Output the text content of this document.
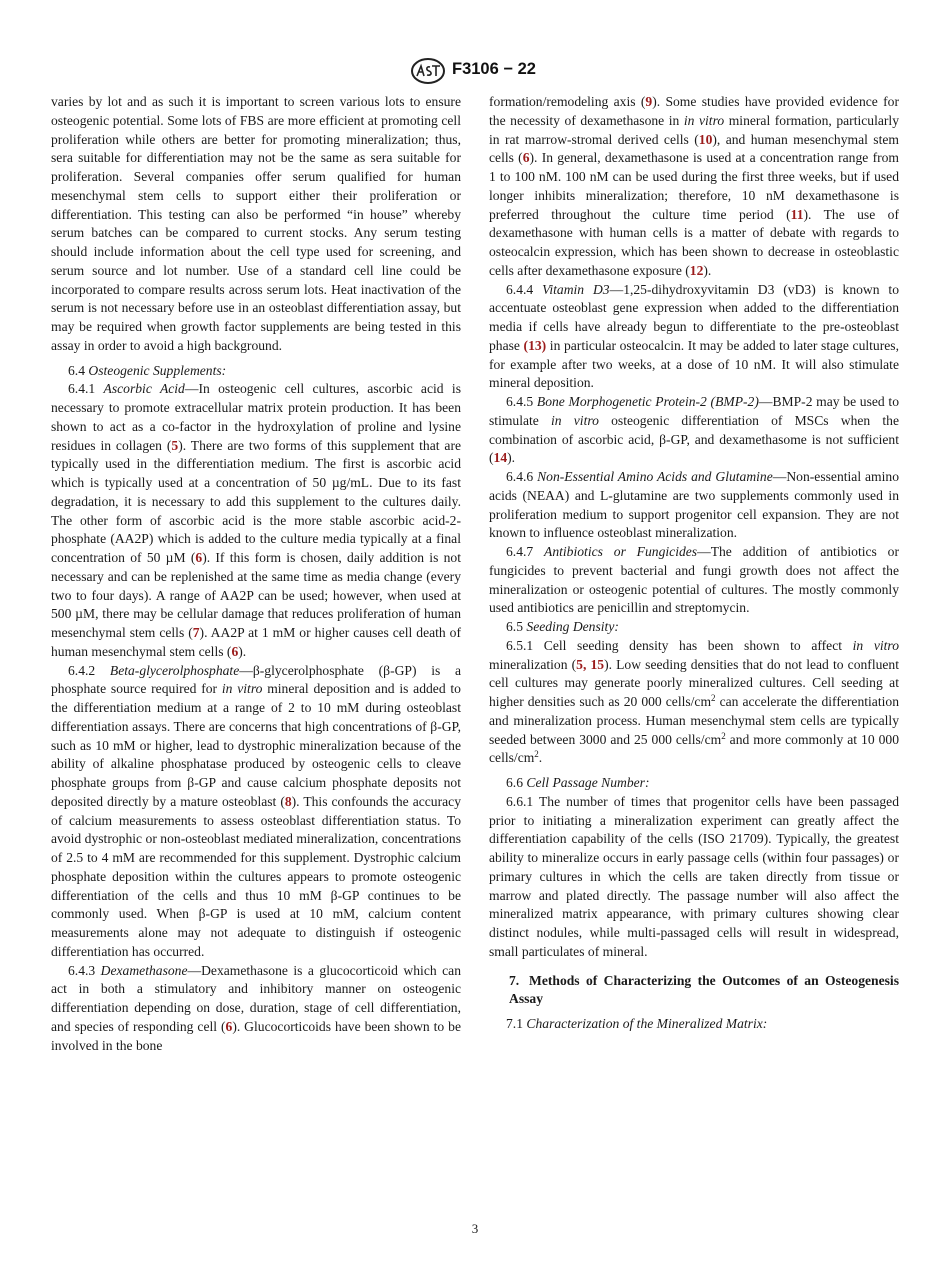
F3106 − 22

varies by lot and as such it is important to screen various lots to ensure osteogenic potential. Some lots of FBS are more efficient at promoting cell proliferation while others are better for promoting mineralization; thus, sera suitable for differentiation may not be the same as sera suitable for proliferation. Several companies offer serum qualified for human mesenchymal stem cells to support either their proliferation or differentiation. This testing can also be performed “in house” whereby serum batches can be compared to current stocks. Any serum testing should include information about the cell type used for screening, and serum source and lot number. Use of a standard cell line could be incorporated to compare results across serum lots. Heat inactivation of the serum is not necessary before use in an osteoblast differentiation assay, but may be required when growth factor supplements are being tested in this assay in order to avoid a high background.

6.4 Osteogenic Supplements:

6.4.1 Ascorbic Acid—In osteogenic cell cultures, ascorbic acid is necessary to promote extracellular matrix protein production. It has been shown to act as a co-factor in the hydroxylation of proline and lysine residues in collagen (5). There are two forms of this supplement that are typically used in the differentiation medium. The first is ascorbic acid which is typically used at a concentration of 50 µg/mL. Due to its fast degradation, it is necessary to add this supplement to the cultures daily. The other form of ascorbic acid is the more stable ascorbic acid-2-phosphate (AA2P) which is added to the culture media typically at a final concentration of 50 µM (6). If this form is chosen, daily addition is not necessary and can be replenished at the same time as media change (every two to four days). A range of AA2P can be used; however, when used at 500 µM, there may be cellular damage that reduces proliferation of human mesenchymal stem cells (7). AA2P at 1 mM or higher causes cell death of human mesenchymal stem cells (6).

6.4.2 Beta-glycerolphosphate—β-glycerolphosphate (β-GP) is a phosphate source required for in vitro mineral deposition and is added to the differentiation medium at a range of 2 to 10 mM during osteoblast differentiation assays. There are concerns that high concentrations of β-GP, such as 10 mM or higher, lead to dystrophic mineralization because of the ability of alkaline phosphatase produced by osteogenic cells to cleave phosphate groups from β-GP and cause calcium phosphate deposits not deposited directly by a mature osteoblast (8). This confounds the accuracy of calcium measurements to assess osteoblast differentiation status. To avoid dystrophic or non-osteoblast mediated mineralization, concentrations of 2.5 to 4 mM are recommended for this supplement. Dystrophic calcium phosphate deposition within the cultures appears to promote osteogenic differentiation of the cells and thus 10 mM β-GP continues to be commonly used. When β-GP is used at 10 mM, calcium content measurements alone may not adequate to distinguish if osteogenic differentiation has occurred.

6.4.3 Dexamethasone—Dexamethasone is a glucocorticoid which can act in both a stimulatory and inhibitory manner on osteogenic differentiation depending on dose, duration, stage of cell differentiation, and species of responding cell (6). Glucocorticoids have been shown to be involved in the bone

formation/remodeling axis (9). Some studies have provided evidence for the necessity of dexamethasone in in vitro mineral formation, particularly in rat marrow-stromal derived cells (10), and human mesenchymal stem cells (6). In general, dexamethasone is used at a concentration range from 1 to 100 nM. 100 nM can be used during the first three weeks, but if used longer inhibits mineralization; therefore, 10 nM dexamethasone is preferred throughout the culture time period (11). The use of dexamethasone with human cells is a matter of debate with regards to osteocalcin expression, which has been shown to decrease in osteoblastic cells after dexamethasone exposure (12).

6.4.4 Vitamin D3—1,25-dihydroxyvitamin D3 (vD3) is known to accentuate osteoblast gene expression when added to the differentiation media if cells have already begun to differentiate to the pre-osteoblast phase (13) in particular osteocalcin. It may be added to later stage cultures, for example after two weeks, at a dose of 10 nM. It will also stimulate mineral deposition.

6.4.5 Bone Morphogenetic Protein-2 (BMP-2)—BMP-2 may be used to stimulate in vitro osteogenic differentiation of MSCs when the combination of ascorbic acid, β-GP, and dexamethasome is not sufficient (14).

6.4.6 Non-Essential Amino Acids and Glutamine—Non-essential amino acids (NEAA) and L-glutamine are two supplements commonly used in proliferation medium to support progenitor cell expansion. They are not known to influence osteoblast mineralization.

6.4.7 Antibiotics or Fungicides—The addition of antibiotics or fungicides to prevent bacterial and fungi growth does not affect the mineralization or osteogenic potential of cultures. The mostly commonly used antibiotics are penicillin and streptomycin.

6.5 Seeding Density:

6.5.1 Cell seeding density has been shown to affect in vitro mineralization (5, 15). Low seeding densities that do not lead to confluent cell cultures may generate poorly mineralized cultures. Cell seeding at higher densities such as 20 000 cells/$cm^2$ can accelerate the differentiation and mineralization process. Human mesenchymal stem cells are typically seeded between 3000 and 25 000 cells/$cm^2$ and more commonly at 10 000 cells/$cm^2$.

6.6 Cell Passage Number:

6.6.1 The number of times that progenitor cells have been passaged prior to initiating a mineralization experiment can greatly affect the differentiation capability of the cells (ISO 21709). Typically, the greatest ability to mineralize occurs in early passage cells (within four passages) or primary cultures in which the cells are taken directly from tissue or marrow and plated directly. The passage number will also affect the mineralized matrix appearance, with primary cultures showing clear distinct nodules, while multi-passaged cells will result in widespread, small particulates of mineral.

7. Methods of Characterizing the Outcomes of an Osteogenesis Assay

7.1 Characterization of the Mineralized Matrix:

3
